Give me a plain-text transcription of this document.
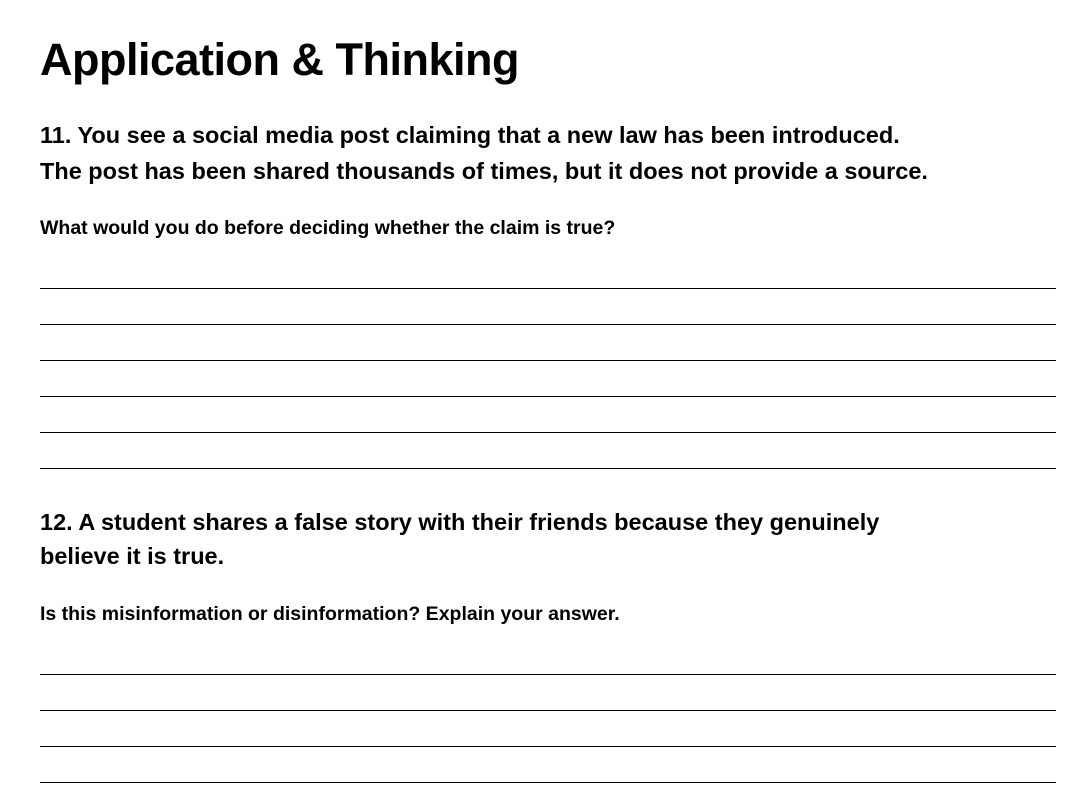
Application & Thinking
11. You see a social media post claiming that a new law has been introduced.
The post has been shared thousands of times, but it does not provide a source.

What would you do before deciding whether the claim is true?

12. A student shares a false story with their friends because they genuinely
believe it is true.

Is this misinformation or disinformation? Explain your answer.
